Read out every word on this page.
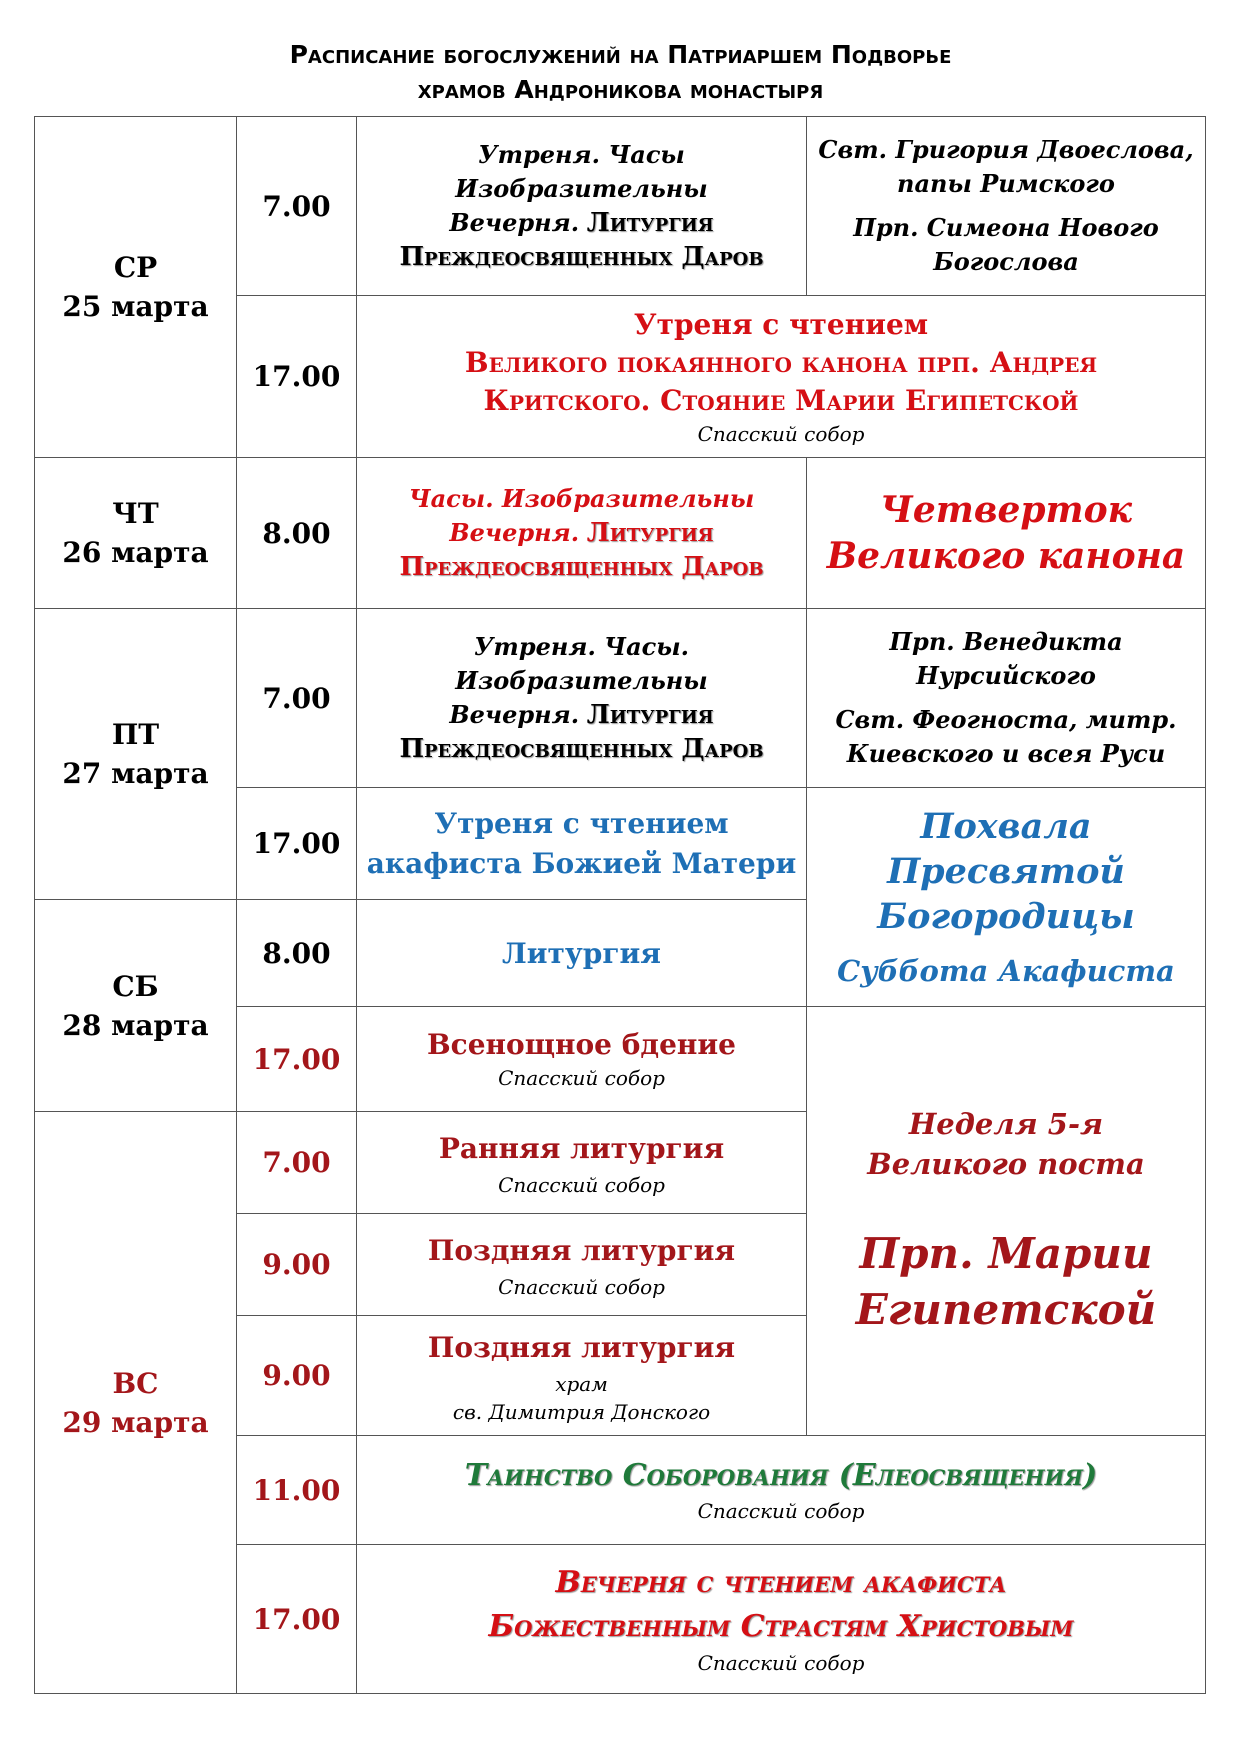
Расписание богослужений на Патриаршем Подворье
храмов Андроникова монастыря
СР
25 марта
ЧТ
26 марта
ПТ
27 марта
СБ
28 марта
ВС
29 марта
7.00
17.00
8.00
7.00
17.00
8.00
17.00
7.00
9.00
9.00
11.00
17.00
Утреня. Часы
Изобразительны
Вечерня. Литургия
Преждеосвященных Даров
Свт. Григория Двоеслова,
папы Римского
Прп. Симеона Нового
Богослова
Утреня с чтением
Великого покаянного канона прп. Андрея
Критского. Стояние Марии Египетской
Спасский собор
Часы. Изобразительны
Вечерня. Литургия
Преждеосвященных Даров
Четверток
Великого канона
Утреня. Часы.
Изобразительны
Вечерня. Литургия
Преждеосвященных Даров
Прп. Венедикта
Нурсийского
Свт. Феогноста, митр.
Киевского и всея Руси
Утреня с чтением
акафиста Божией Матери
Похвала
Пресвятой
Богородицы
Суббота Акафиста
Литургия
Всенощное бдение
Спасский собор
Неделя 5-я
Великого поста
Прп. Марии
Египетской
Ранняя литургия
Спасский собор
Поздняя литургия
Спасский собор
Поздняя литургия
храм
св. Димитрия Донского
Таинство Соборования (Елеосвящения)
Спасский собор
Вечерня с чтением акафиста
Божественным Страстям Христовым
Спасский собор
